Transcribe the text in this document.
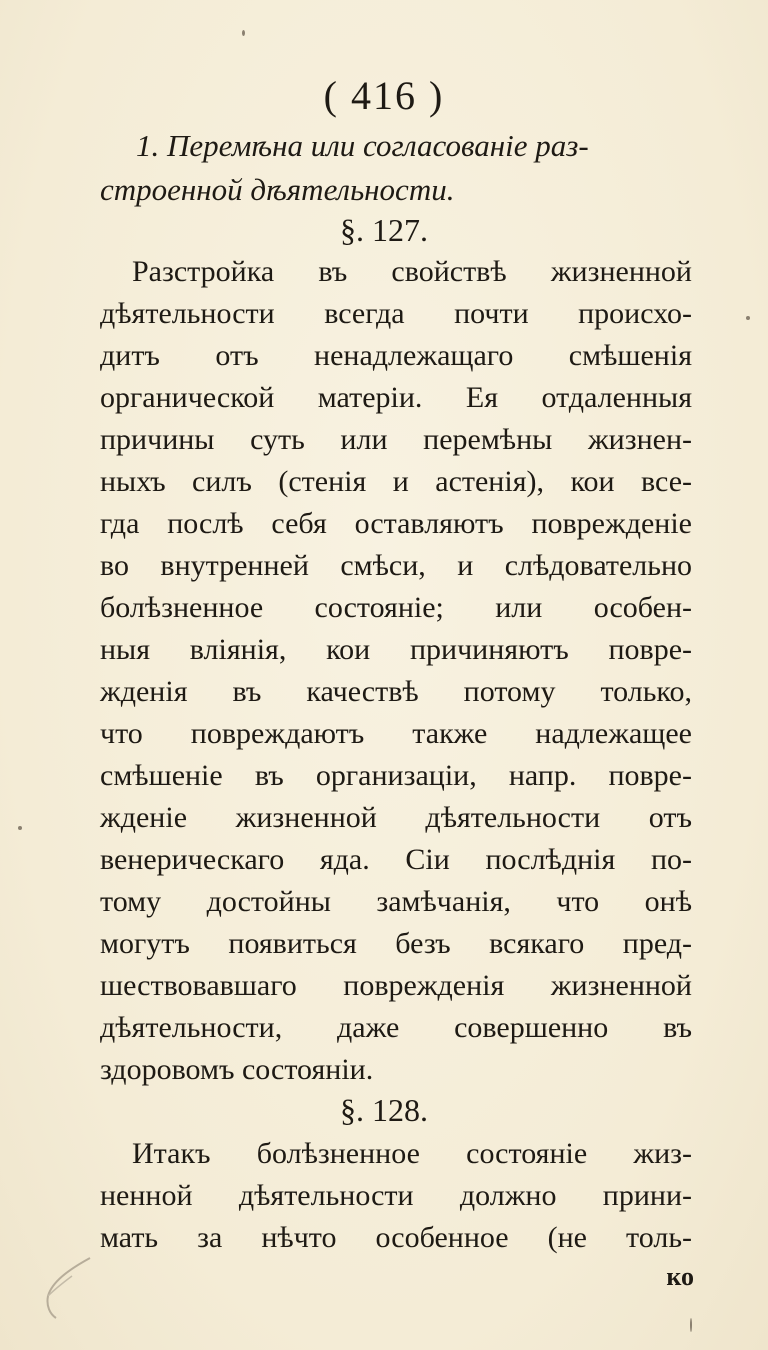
( 416 )
1. Перемѣна или согласованіе раз-
строенной дѣятельности.
§. 127.
Разстройка въ свойствѣ жизненной
дѣятельности всегда почти происхо-
дитъ отъ ненадлежащаго смѣшенія
органической матеріи. Ея отдаленныя
причины суть или перемѣны жизнен-
ныхъ силъ (стенія и астенія), кои все-
гда послѣ себя оставляютъ поврежденіе
во внутренней смѣси, и слѣдовательно
болѣзненное состояніе; или особен-
ныя вліянія, кои причиняютъ повре-
жденія въ качествѣ потому только,
что повреждаютъ также надлежащее
смѣшеніе въ организаціи, напр. повре-
жденіе жизненной дѣятельности отъ
венерическаго яда. Сіи послѣднія по-
тому достойны замѣчанія, что онѣ
могутъ появиться безъ всякаго пред-
шествовавшаго поврежденія жизненной
дѣятельности, даже совершенно въ
здоровомъ состояніи.
§. 128.
Итакъ болѣзненное состояніе жиз-
ненной дѣятельности должно прини-
мать за нѣчто особенное (не толь-
ко
